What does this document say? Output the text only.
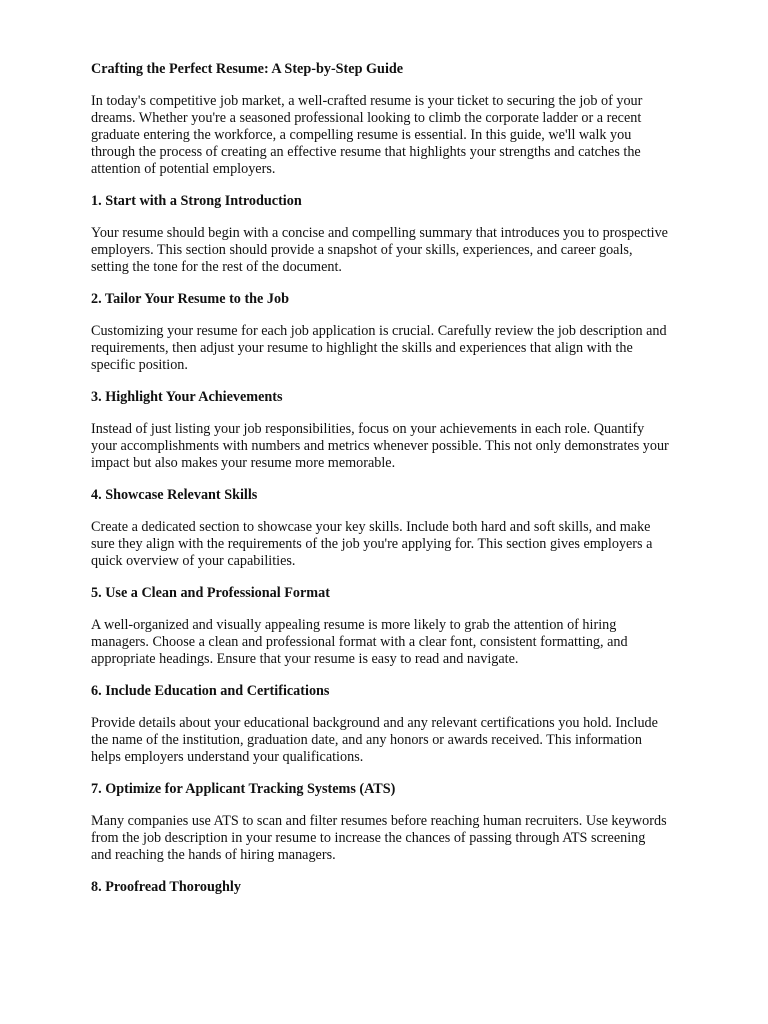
Crafting the Perfect Resume: A Step-by-Step Guide
In today's competitive job market, a well-crafted resume is your ticket to securing the job of your
dreams. Whether you're a seasoned professional looking to climb the corporate ladder or a recent
graduate entering the workforce, a compelling resume is essential. In this guide, we'll walk you
through the process of creating an effective resume that highlights your strengths and catches the
attention of potential employers.
1. Start with a Strong Introduction
Your resume should begin with a concise and compelling summary that introduces you to prospective
employers. This section should provide a snapshot of your skills, experiences, and career goals,
setting the tone for the rest of the document.
2. Tailor Your Resume to the Job
Customizing your resume for each job application is crucial. Carefully review the job description and
requirements, then adjust your resume to highlight the skills and experiences that align with the
specific position.
3. Highlight Your Achievements
Instead of just listing your job responsibilities, focus on your achievements in each role. Quantify
your accomplishments with numbers and metrics whenever possible. This not only demonstrates your
impact but also makes your resume more memorable.
4. Showcase Relevant Skills
Create a dedicated section to showcase your key skills. Include both hard and soft skills, and make
sure they align with the requirements of the job you're applying for. This section gives employers a
quick overview of your capabilities.
5. Use a Clean and Professional Format
A well-organized and visually appealing resume is more likely to grab the attention of hiring
managers. Choose a clean and professional format with a clear font, consistent formatting, and
appropriate headings. Ensure that your resume is easy to read and navigate.
6. Include Education and Certifications
Provide details about your educational background and any relevant certifications you hold. Include
the name of the institution, graduation date, and any honors or awards received. This information
helps employers understand your qualifications.
7. Optimize for Applicant Tracking Systems (ATS)
Many companies use ATS to scan and filter resumes before reaching human recruiters. Use keywords
from the job description in your resume to increase the chances of passing through ATS screening
and reaching the hands of hiring managers.
8. Proofread Thoroughly
